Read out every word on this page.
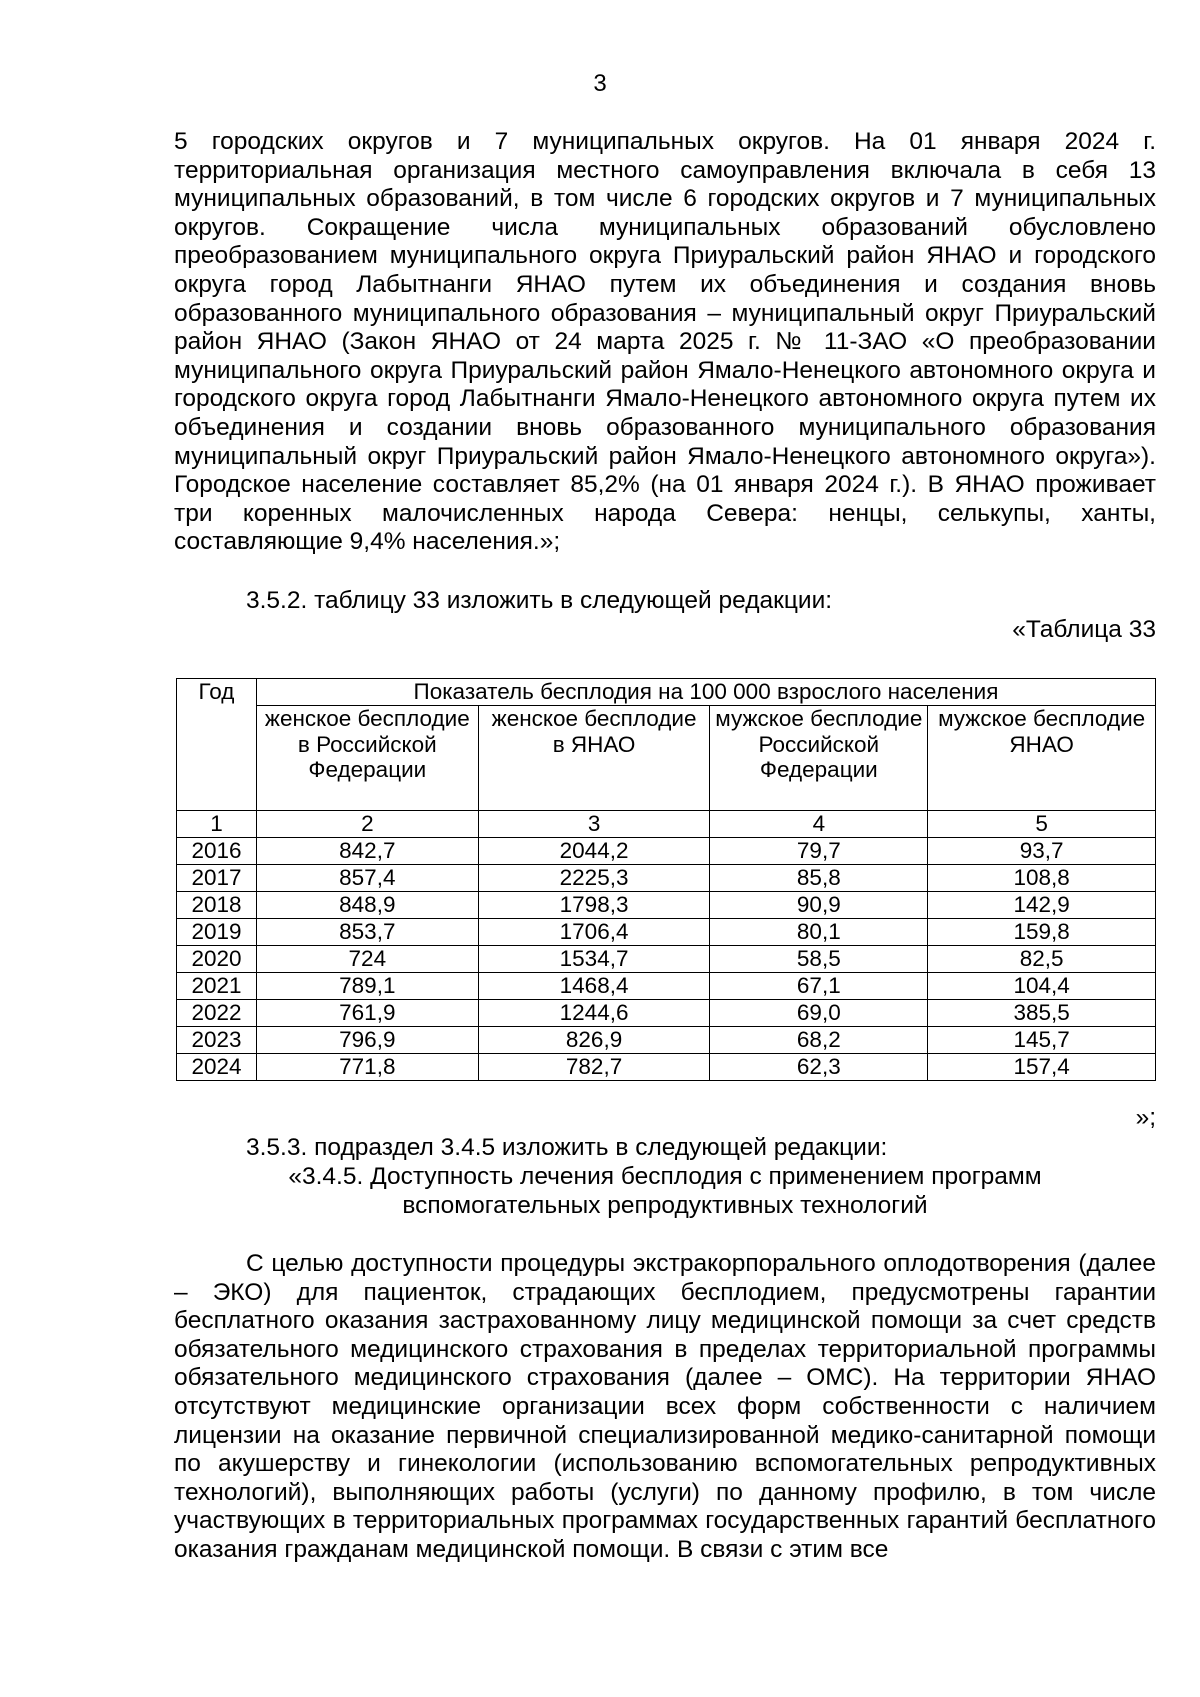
3

5 городских округов и 7 муниципальных округов. На 01 января 2024 г. территориальная организация местного самоуправления включала в себя 13 муниципальных образований, в том числе 6 городских округов и 7 муниципальных округов. Сокращение числа муниципальных образований обусловлено преобразованием муниципального округа Приуральский район ЯНАО и городского округа город Лабытнанги ЯНАО путем их объединения и создания вновь образованного муниципального образования – муниципальный округ Приуральский район ЯНАО (Закон ЯНАО от 24 марта 2025 г. № 11-ЗАО «О преобразовании муниципального округа Приуральский район Ямало-Ненецкого автономного округа и городского округа город Лабытнанги Ямало-Ненецкого автономного округа путем их объединения и создании вновь образованного муниципального образования муниципальный округ Приуральский район Ямало-Ненецкого автономного округа»). Городское население составляет 85,2% (на 01 января 2024 г.). В ЯНАО проживает три коренных малочисленных народа Севера: ненцы, селькупы, ханты, составляющие 9,4% населения.»;

3.5.2. таблицу 33 изложить в следующей редакции:
«Таблица 33
Год	Показатель бесплодия на 100 000 взрослого населения			
	женское бесплодие в Российской Федерации	женское бесплодие в ЯНАО	мужское бесплодие Российской Федерации	мужское бесплодие ЯНАО
1	2	3	4	5
2016	842,7	2044,2	79,7	93,7
2017	857,4	2225,3	85,8	108,8
2018	848,9	1798,3	90,9	142,9
2019	853,7	1706,4	80,1	159,8
2020	724	1534,7	58,5	82,5
2021	789,1	1468,4	67,1	104,4
2022	761,9	1244,6	69,0	385,5
2023	796,9	826,9	68,2	145,7
2024	771,8	782,7	62,3	157,4
»;
3.5.3. подраздел 3.4.5 изложить в следующей редакции:
«3.4.5. Доступность лечения бесплодия с применением программ
вспомогательных репродуктивных технологий

С целью доступности процедуры экстракорпорального оплодотворения (далее – ЭКО) для пациенток, страдающих бесплодием, предусмотрены гарантии бесплатного оказания застрахованному лицу медицинской помощи за счет средств обязательного медицинского страхования в пределах территориальной программы обязательного медицинского страхования (далее – ОМС). На территории ЯНАО отсутствуют медицинские организации всех форм собственности с наличием лицензии на оказание первичной специализированной медико-санитарной помощи по акушерству и гинекологии (использованию вспомогательных репродуктивных технологий), выполняющих работы (услуги) по данному профилю, в том числе участвующих в территориальных программах государственных гарантий бесплатного оказания гражданам медицинской помощи. В связи с этим все
